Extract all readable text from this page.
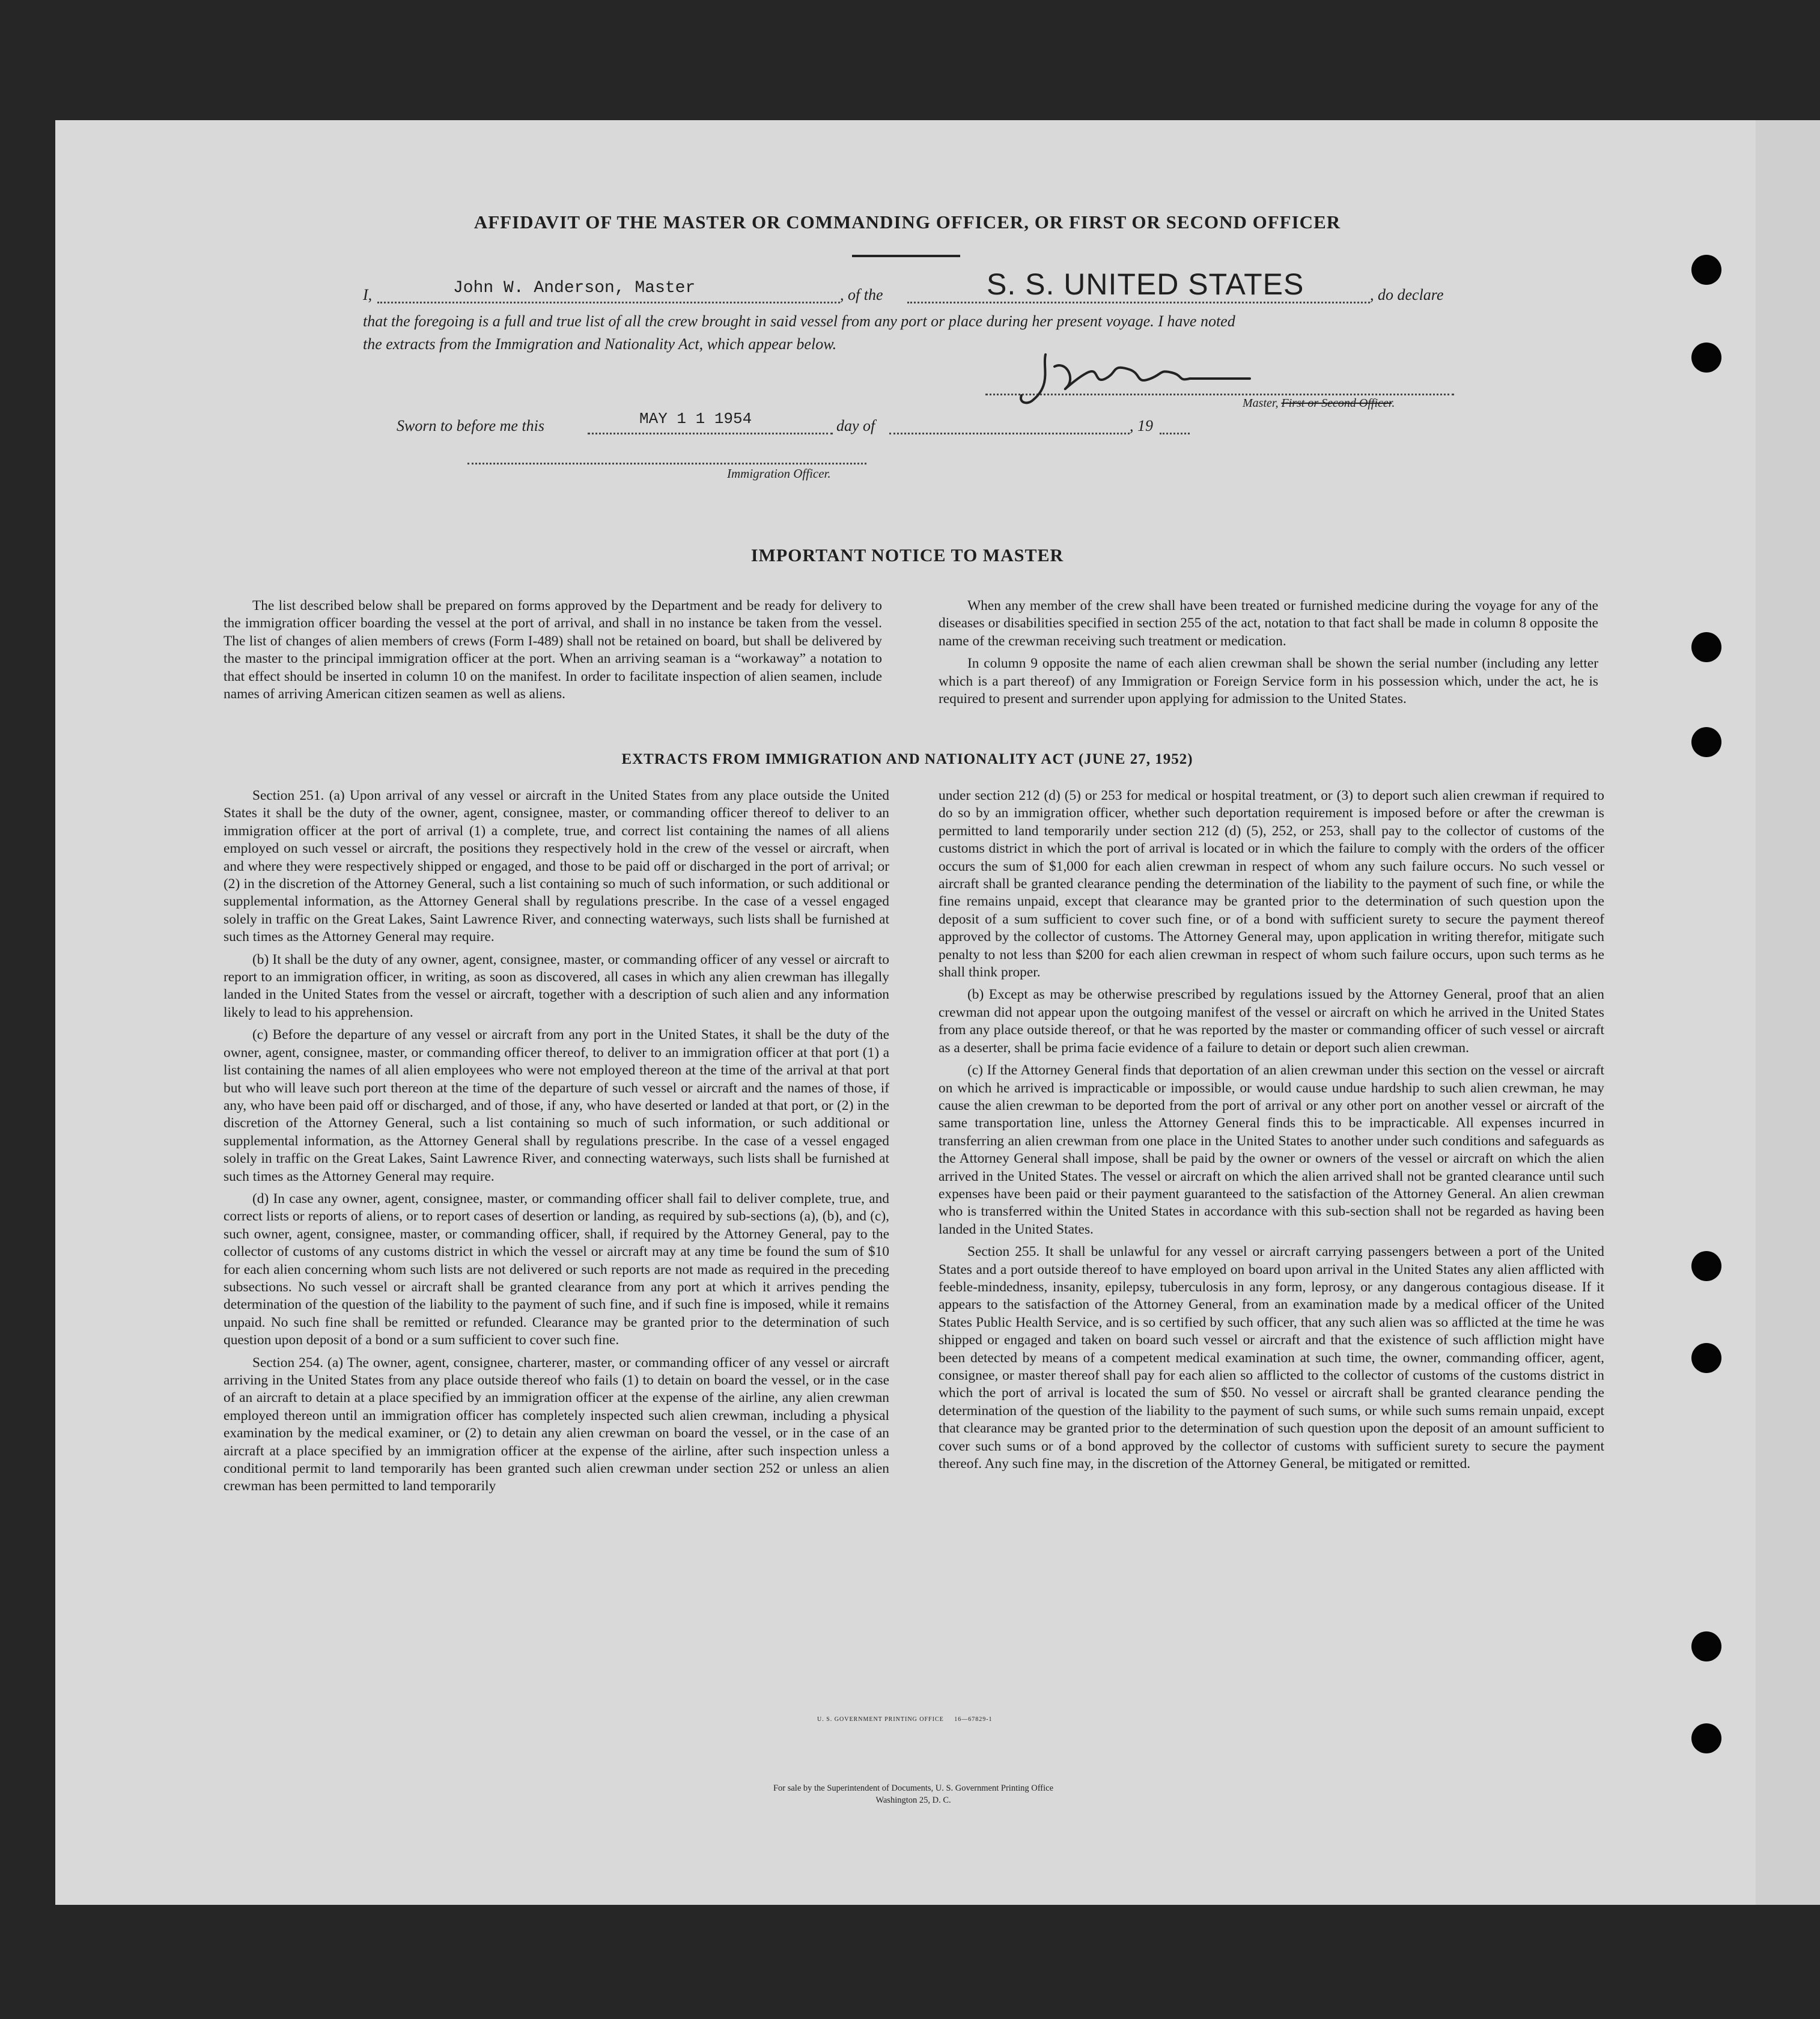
AFFIDAVIT OF THE MASTER OR COMMANDING OFFICER, OR FIRST OR SECOND OFFICER
I,	John W. Anderson, Master	, of the	S. S. UNITED STATES	, do declare
that the foregoing is a full and true list of all the crew brought in said vessel from any port or place during her present voyage. I have noted
the extracts from the Immigration and Nationality Act, which appear below.
Master, First or Second Officer.
Sworn to before me this	MAY 1 1 1954	day of	, 19
Immigration Officer.
IMPORTANT NOTICE TO MASTER

The list described below shall be prepared on forms approved by the Department and be ready for delivery to the immigration officer boarding the vessel at the port of arrival, and shall in no instance be taken from the vessel. The list of changes of alien members of crews (Form I-489) shall not be retained on board, but shall be delivered by the master to the principal immigration officer at the port. When an arriving seaman is a “workaway” a notation to that effect should be inserted in column 10 on the manifest. In order to facilitate inspection of alien seamen, include names of arriving American citizen seamen as well as aliens.

When any member of the crew shall have been treated or furnished medicine during the voyage for any of the diseases or disabilities specified in section 255 of the act, notation to that fact shall be made in column 8 opposite the name of the crewman receiving such treatment or medication.

In column 9 opposite the name of each alien crewman shall be shown the serial number (including any letter which is a part thereof) of any Immigration or Foreign Service form in his possession which, under the act, he is required to present and surrender upon applying for admission to the United States.

EXTRACTS FROM IMMIGRATION AND NATIONALITY ACT (JUNE 27, 1952)

Section 251. (a) Upon arrival of any vessel or aircraft in the United States from any place outside the United States it shall be the duty of the owner, agent, consignee, master, or commanding officer thereof to deliver to an immigration officer at the port of arrival (1) a complete, true, and correct list containing the names of all aliens employed on such vessel or aircraft, the positions they respectively hold in the crew of the vessel or aircraft, when and where they were respectively shipped or engaged, and those to be paid off or discharged in the port of arrival; or (2) in the discretion of the Attorney General, such a list containing so much of such information, or such additional or supplemental information, as the Attorney General shall by regulations prescribe. In the case of a vessel engaged solely in traffic on the Great Lakes, Saint Lawrence River, and connecting waterways, such lists shall be furnished at such times as the Attorney General may require.

(b) It shall be the duty of any owner, agent, consignee, master, or commanding officer of any vessel or aircraft to report to an immigration officer, in writing, as soon as discovered, all cases in which any alien crewman has illegally landed in the United States from the vessel or aircraft, together with a description of such alien and any information likely to lead to his apprehension.

(c) Before the departure of any vessel or aircraft from any port in the United States, it shall be the duty of the owner, agent, consignee, master, or commanding officer thereof, to deliver to an immigration officer at that port (1) a list containing the names of all alien employees who were not employed thereon at the time of the arrival at that port but who will leave such port thereon at the time of the departure of such vessel or aircraft and the names of those, if any, who have been paid off or discharged, and of those, if any, who have deserted or landed at that port, or (2) in the discretion of the Attorney General, such a list containing so much of such information, or such additional or supplemental information, as the Attorney General shall by regulations prescribe. In the case of a vessel engaged solely in traffic on the Great Lakes, Saint Lawrence River, and connecting waterways, such lists shall be furnished at such times as the Attorney General may require.

(d) In case any owner, agent, consignee, master, or commanding officer shall fail to deliver complete, true, and correct lists or reports of aliens, or to report cases of desertion or landing, as required by sub-sections (a), (b), and (c), such owner, agent, consignee, master, or commanding officer, shall, if required by the Attorney General, pay to the collector of customs of any customs district in which the vessel or aircraft may at any time be found the sum of $10 for each alien concerning whom such lists are not delivered or such reports are not made as required in the preceding subsections. No such vessel or aircraft shall be granted clearance from any port at which it arrives pending the determination of the question of the liability to the payment of such fine, and if such fine is imposed, while it remains unpaid. No such fine shall be remitted or refunded. Clearance may be granted prior to the determination of such question upon deposit of a bond or a sum sufficient to cover such fine.

Section 254. (a) The owner, agent, consignee, charterer, master, or commanding officer of any vessel or aircraft arriving in the United States from any place outside thereof who fails (1) to detain on board the vessel, or in the case of an aircraft to detain at a place specified by an immigration officer at the expense of the airline, any alien crewman employed thereon until an immigration officer has completely inspected such alien crewman, including a physical examination by the medical examiner, or (2) to detain any alien crewman on board the vessel, or in the case of an aircraft at a place specified by an immigration officer at the expense of the airline, after such inspection unless a conditional permit to land temporarily has been granted such alien crewman under section 252 or unless an alien crewman has been permitted to land temporarily

under section 212 (d) (5) or 253 for medical or hospital treatment, or (3) to deport such alien crewman if required to do so by an immigration officer, whether such deportation requirement is imposed before or after the crewman is permitted to land temporarily under section 212 (d) (5), 252, or 253, shall pay to the collector of customs of the customs district in which the port of arrival is located or in which the failure to comply with the orders of the officer occurs the sum of $1,000 for each alien crewman in respect of whom any such failure occurs. No such vessel or aircraft shall be granted clearance pending the determination of the liability to the payment of such fine, or while the fine remains unpaid, except that clearance may be granted prior to the determination of such question upon the deposit of a sum sufficient to cover such fine, or of a bond with sufficient surety to secure the payment thereof approved by the collector of customs. The Attorney General may, upon application in writing therefor, mitigate such penalty to not less than $200 for each alien crewman in respect of whom such failure occurs, upon such terms as he shall think proper.

(b) Except as may be otherwise prescribed by regulations issued by the Attorney General, proof that an alien crewman did not appear upon the outgoing manifest of the vessel or aircraft on which he arrived in the United States from any place outside thereof, or that he was reported by the master or commanding officer of such vessel or aircraft as a deserter, shall be prima facie evidence of a failure to detain or deport such alien crewman.

(c) If the Attorney General finds that deportation of an alien crewman under this section on the vessel or aircraft on which he arrived is impracticable or impossible, or would cause undue hardship to such alien crewman, he may cause the alien crewman to be deported from the port of arrival or any other port on another vessel or aircraft of the same transportation line, unless the Attorney General finds this to be impracticable. All expenses incurred in transferring an alien crewman from one place in the United States to another under such conditions and safeguards as the Attorney General shall impose, shall be paid by the owner or owners of the vessel or aircraft on which the alien arrived in the United States. The vessel or aircraft on which the alien arrived shall not be granted clearance until such expenses have been paid or their payment guaranteed to the satisfaction of the Attorney General. An alien crewman who is transferred within the United States in accordance with this sub-section shall not be regarded as having been landed in the United States.

Section 255. It shall be unlawful for any vessel or aircraft carrying passengers between a port of the United States and a port outside thereof to have employed on board upon arrival in the United States any alien afflicted with feeble-mindedness, insanity, epilepsy, tuberculosis in any form, leprosy, or any dangerous contagious disease. If it appears to the satisfaction of the Attorney General, from an examination made by a medical officer of the United States Public Health Service, and is so certified by such officer, that any such alien was so afflicted at the time he was shipped or engaged and taken on board such vessel or aircraft and that the existence of such affliction might have been detected by means of a competent medical examination at such time, the owner, commanding officer, agent, consignee, or master thereof shall pay for each alien so afflicted to the collector of customs of the customs district in which the port of arrival is located the sum of $50. No vessel or aircraft shall be granted clearance pending the determination of the question of the liability to the payment of such sums, or while such sums remain unpaid, except that clearance may be granted prior to the determination of such question upon the deposit of an amount sufficient to cover such sums or of a bond approved by the collector of customs with sufficient surety to secure the payment thereof. Any such fine may, in the discretion of the Attorney General, be mitigated or remitted.

U. S. GOVERNMENT PRINTING OFFICE     16—67829-1
For sale by the Superintendent of Documents, U. S. Government Printing Office
Washington 25, D. C.
